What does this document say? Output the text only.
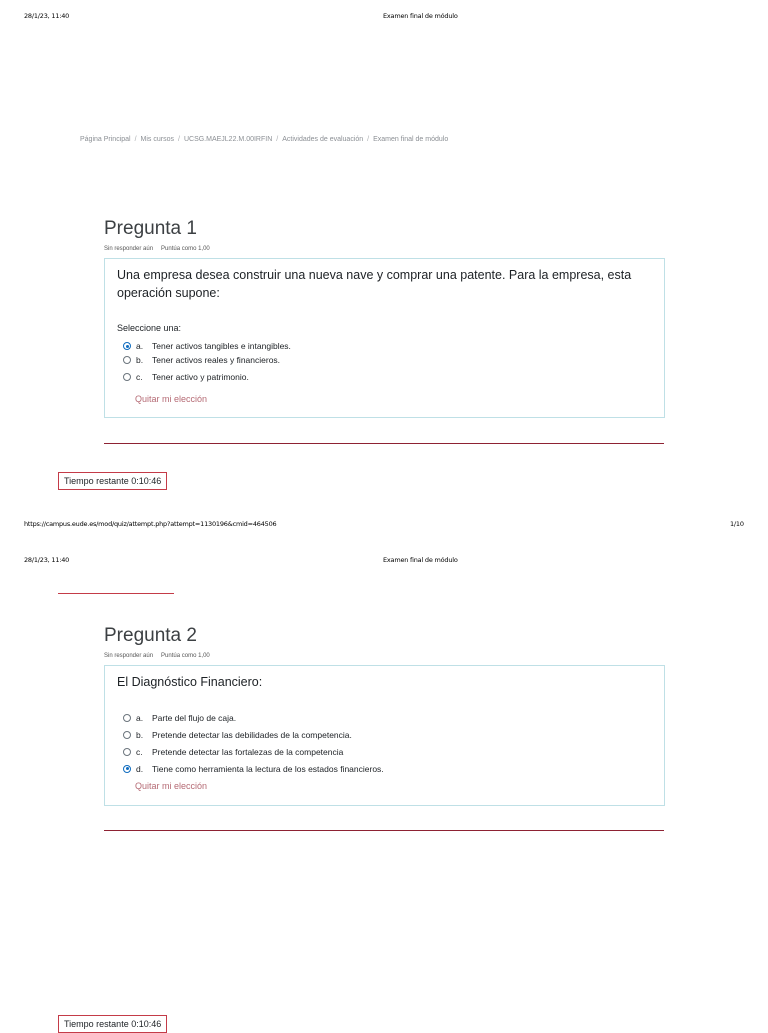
28/1/23, 11:40	Examen final de módulo
Página Principal / Mis cursos / UCSG.MAEJL22.M.00IRFIN / Actividades de evaluación / Examen final de módulo
Pregunta 1
Sin responder aún Puntúa como 1,00
Una empresa desea construir una nueva nave y comprar una patente. Para la empresa, esta operación supone:
Seleccione una:
a.	Tener activos tangibles e intangibles.
b.	Tener activos reales y financieros.
c.	Tener activo y patrimonio.
Quitar mi elección
Tiempo restante 0:10:46
https://campus.eude.es/mod/quiz/attempt.php?attempt=1130196&cmid=464506	1/10
28/1/23, 11:40	Examen final de módulo
Pregunta 2
Sin responder aún Puntúa como 1,00
El Diagnóstico Financiero:
a.	Parte del flujo de caja.
b.	Pretende detectar las debilidades de la competencia.
c.	Pretende detectar las fortalezas de la competencia
d.	Tiene como herramienta la lectura de los estados financieros.
Quitar mi elección
Tiempo restante 0:10:46
